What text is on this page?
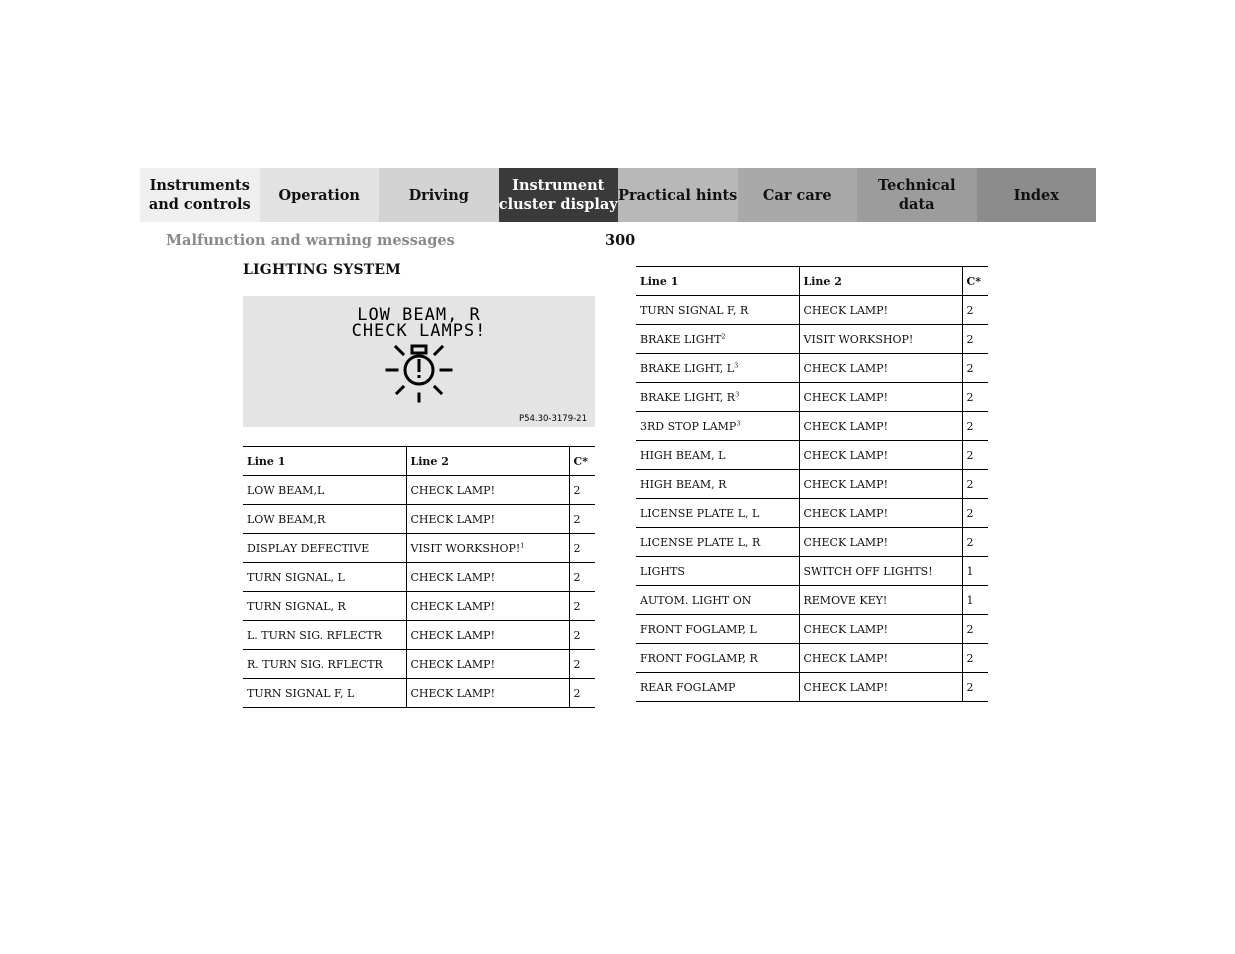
Instruments
and controls
Operation	Driving
Instrument
cluster display
Practical hints Car care
Technical
data
Index
Malfunction and warning messages	300
LIGHTING SYSTEM
LOW BEAM, R
CHECK LAMPS!
P54.30-3179-21
Line 1	Line 2	C*
LOW BEAM,L	CHECK LAMP!	2
LOW BEAM,R	CHECK LAMP!	2
DISPLAY DEFECTIVE	VISIT WORKSHOP!$^1$	2
TURN SIGNAL, L	CHECK LAMP!	2
TURN SIGNAL, R	CHECK LAMP!	2
L. TURN SIG. RFLECTR	CHECK LAMP!	2
R. TURN SIG. RFLECTR	CHECK LAMP!	2
TURN SIGNAL F, L	CHECK LAMP!	2
Line 1	Line 2	C*
TURN SIGNAL F, R	CHECK LAMP!	2
BRAKE LIGHT$^2$	VISIT WORKSHOP!	2
BRAKE LIGHT, $L^3$	CHECK LAMP!	2
BRAKE LIGHT, $R^3$	CHECK LAMP!	2
3RD STOP LAMP$^3$	CHECK LAMP!	2
HIGH BEAM, L	CHECK LAMP!	2
HIGH BEAM, R	CHECK LAMP!	2
LICENSE PLATE L, L	CHECK LAMP!	2
LICENSE PLATE L, R	CHECK LAMP!	2
LIGHTS	SWITCH OFF LIGHTS!	1
AUTOM. LIGHT ON	REMOVE KEY!	1
FRONT FOGLAMP, L	CHECK LAMP!	2
FRONT FOGLAMP, R	CHECK LAMP!	2
REAR FOGLAMP	CHECK LAMP!	2
